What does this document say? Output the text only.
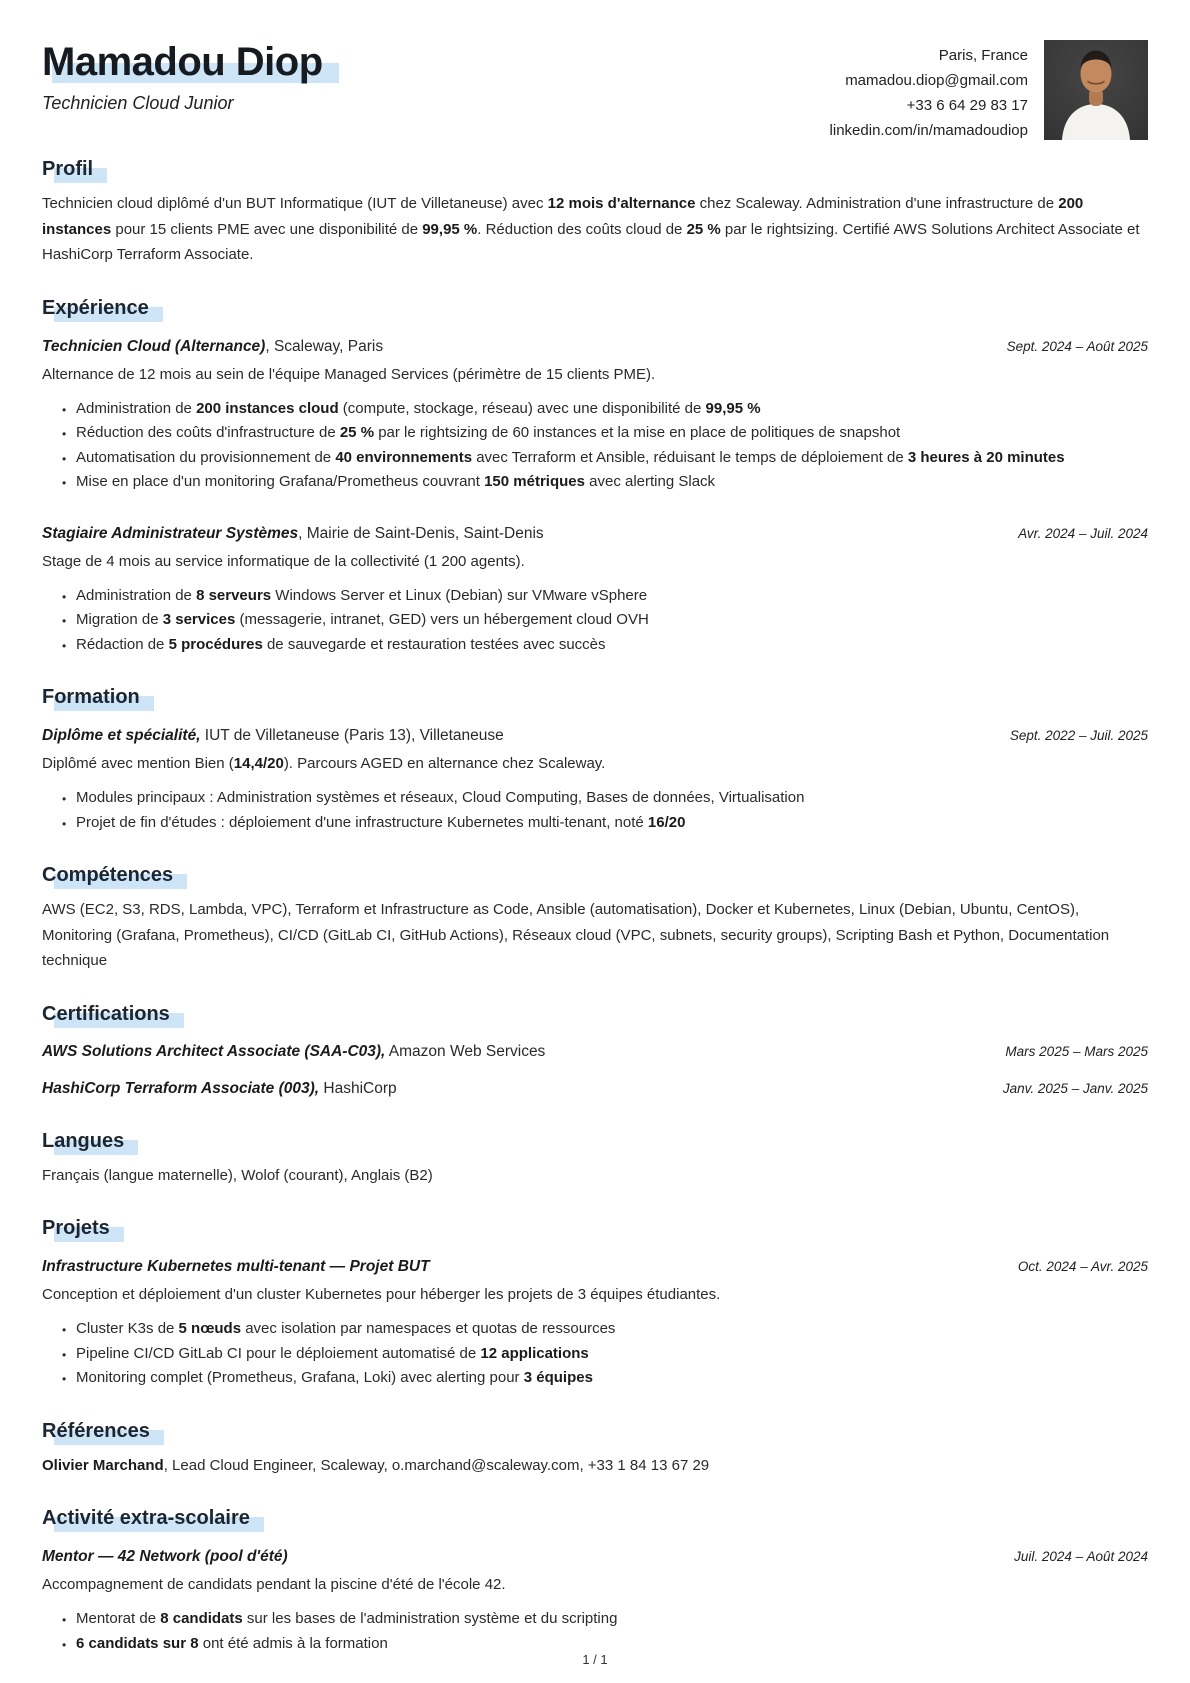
Mamadou Diop
Technicien Cloud Junior
Paris, France
mamadou.diop@gmail.com
+33 6 64 29 83 17
linkedin.com/in/mamadoudiop
Profil

Technicien cloud diplômé d'un BUT Informatique (IUT de Villetaneuse) avec 12 mois d'alternance chez Scaleway. Administration d'une infrastructure de 200 instances pour 15 clients PME avec une disponibilité de 99,95 %. Réduction des coûts cloud de 25 % par le rightsizing. Certifié AWS Solutions Architect Associate et HashiCorp Terraform Associate.

Expérience
Technicien Cloud (Alternance), Scaleway, Paris	Sept. 2024 – Août 2025
Alternance de 12 mois au sein de l'équipe Managed Services (périmètre de 15 clients PME).
• Administration de 200 instances cloud (compute, stockage, réseau) avec une disponibilité de 99,95 %
• Réduction des coûts d'infrastructure de 25 % par le rightsizing de 60 instances et la mise en place de politiques de snapshot
• Automatisation du provisionnement de 40 environnements avec Terraform et Ansible, réduisant le temps de déploiement de 3 heures à 20 minutes
• Mise en place d'un monitoring Grafana/Prometheus couvrant 150 métriques avec alerting Slack
Stagiaire Administrateur Systèmes, Mairie de Saint-Denis, Saint-Denis	Avr. 2024 – Juil. 2024
Stage de 4 mois au service informatique de la collectivité (1 200 agents).
• Administration de 8 serveurs Windows Server et Linux (Debian) sur VMware vSphere
• Migration de 3 services (messagerie, intranet, GED) vers un hébergement cloud OVH
• Rédaction de 5 procédures de sauvegarde et restauration testées avec succès
Formation
Diplôme et spécialité, IUT de Villetaneuse (Paris 13), Villetaneuse	Sept. 2022 – Juil. 2025
Diplômé avec mention Bien (14,4/20). Parcours AGED en alternance chez Scaleway.
• Modules principaux : Administration systèmes et réseaux, Cloud Computing, Bases de données, Virtualisation
• Projet de fin d'études : déploiement d'une infrastructure Kubernetes multi-tenant, noté 16/20
Compétences

AWS (EC2, S3, RDS, Lambda, VPC), Terraform et Infrastructure as Code, Ansible (automatisation), Docker et Kubernetes, Linux (Debian, Ubuntu, CentOS), Monitoring (Grafana, Prometheus), CI/CD (GitLab CI, GitHub Actions), Réseaux cloud (VPC, subnets, security groups), Scripting Bash et Python, Documentation technique

Certifications
AWS Solutions Architect Associate (SAA-C03), Amazon Web Services	Mars 2025 – Mars 2025
HashiCorp Terraform Associate (003), HashiCorp	Janv. 2025 – Janv. 2025
Langues

Français (langue maternelle), Wolof (courant), Anglais (B2)

Projets
Infrastructure Kubernetes multi-tenant — Projet BUT	Oct. 2024 – Avr. 2025
Conception et déploiement d'un cluster Kubernetes pour héberger les projets de 3 équipes étudiantes.
• Cluster K3s de 5 nœuds avec isolation par namespaces et quotas de ressources
• Pipeline CI/CD GitLab CI pour le déploiement automatisé de 12 applications
• Monitoring complet (Prometheus, Grafana, Loki) avec alerting pour 3 équipes
Références

Olivier Marchand, Lead Cloud Engineer, Scaleway, o.marchand@scaleway.com, +33 1 84 13 67 29

Activité extra-scolaire
Mentor — 42 Network (pool d'été)	Juil. 2024 – Août 2024
Accompagnement de candidats pendant la piscine d'été de l'école 42.
• Mentorat de 8 candidats sur les bases de l'administration système et du scripting
• 6 candidats sur 8 ont été admis à la formation
1 / 1
